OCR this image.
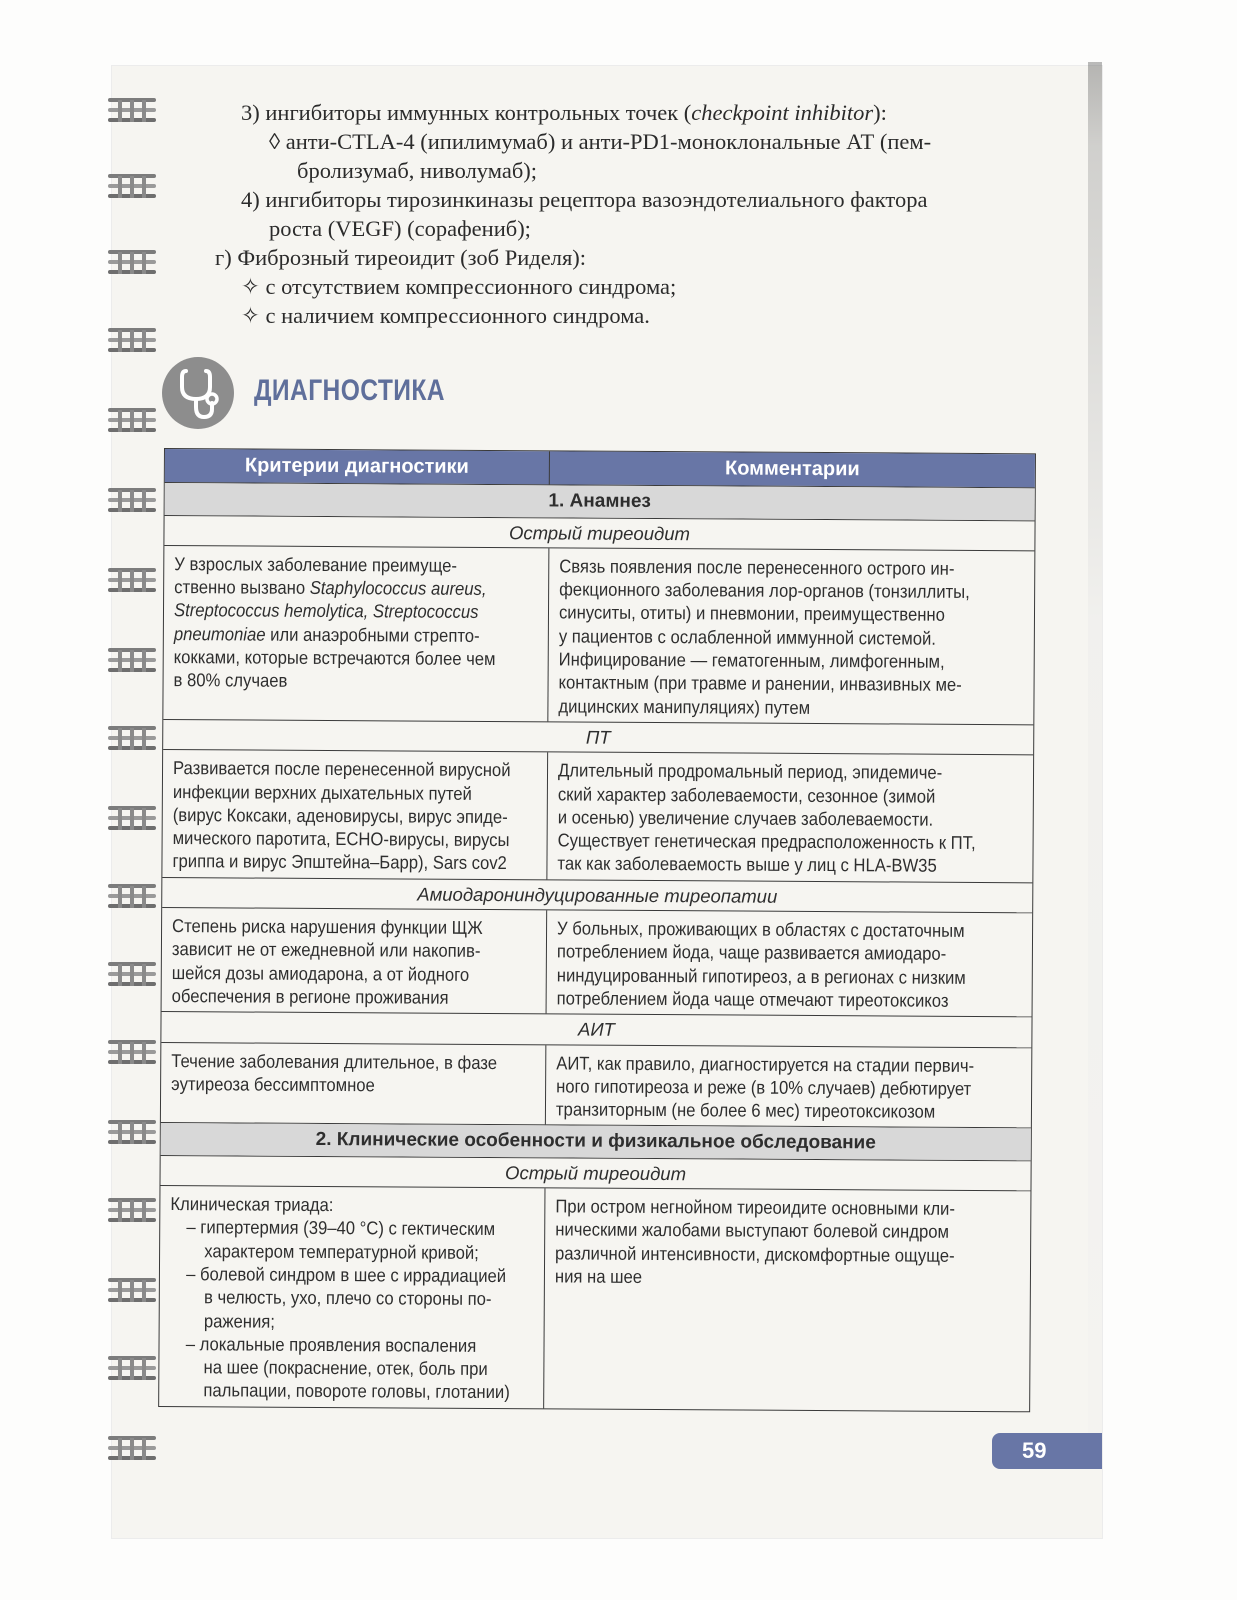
3) ингибиторы иммунных контрольных точек (checkpoint inhibitor):
◊ анти-CTLA-4 (ипилимумаб) и анти-PD1-моноклональные АТ (пем-
бролизумаб, ниволумаб);
4) ингибиторы тирозинкиназы рецептора вазоэндотелиального фактора
роста (VEGF) (сорафениб);
г) Фиброзный тиреоидит (зоб Риделя):
✧ с отсутствием компрессионного синдрома;
✧ с наличием компрессионного синдрома.
ДИАГНОСТИКА
Критерии диагностики	Комментарии
1. Анамнез
Острый тиреоидит
У взрослых заболевание преимуще-
ственно вызвано Staphylococcus aureus,
Streptococcus hemolytica, Streptococcus
pneumoniae или анаэробными стрепто-
кокками, которые встречаются более чем
в 80% случаев
Связь появления после перенесенного острого ин-
фекционного заболевания лор-органов (тонзиллиты,
синуситы, отиты) и пневмонии, преимущественно
у пациентов с ослабленной иммунной системой.
Инфицирование — гематогенным, лимфогенным,
контактным (при травме и ранении, инвазивных ме-
дицинских манипуляциях) путем
ПТ
Развивается после перенесенной вирусной
инфекции верхних дыхательных путей
(вирус Коксаки, аденовирусы, вирус эпиде-
мического паротита, ECHO-вирусы, вирусы
гриппа и вирус Эпштейна–Барр), Sars cov2
Длительный продромальный период, эпидемиче-
ский характер заболеваемости, сезонное (зимой
и осенью) увеличение случаев заболеваемости.
Существует генетическая предрасположенность к ПТ,
так как заболеваемость выше у лиц с HLA-BW35
Амиодарониндуцированные тиреопатии
Степень риска нарушения функции ЩЖ
зависит не от ежедневной или накопив-
шейся дозы амиодарона, а от йодного
обеспечения в регионе проживания
У больных, проживающих в областях с достаточным
потреблением йода, чаще развивается амиодаро-
ниндуцированный гипотиреоз, а в регионах с низким
потреблением йода чаще отмечают тиреотоксикоз
АИТ
Течение заболевания длительное, в фазе
эутиреоза бессимптомное
АИТ, как правило, диагностируется на стадии первич-
ного гипотиреоза и реже (в 10% случаев) дебютирует
транзиторным (не более 6 мес) тиреотоксикозом
2. Клинические особенности и физикальное обследование
Острый тиреоидит
Клиническая триада:
– гипертермия (39–40 °С) с гектическим
характером температурной кривой;
– болевой синдром в шее с иррадиацией
в челюсть, ухо, плечо со стороны по-
ражения;
– локальные проявления воспаления
на шее (покраснение, отек, боль при
пальпации, повороте головы, глотании)
При остром негнойном тиреоидите основными кли-
ническими жалобами выступают болевой синдром
различной интенсивности, дискомфортные ощуще-
ния на шее
59
